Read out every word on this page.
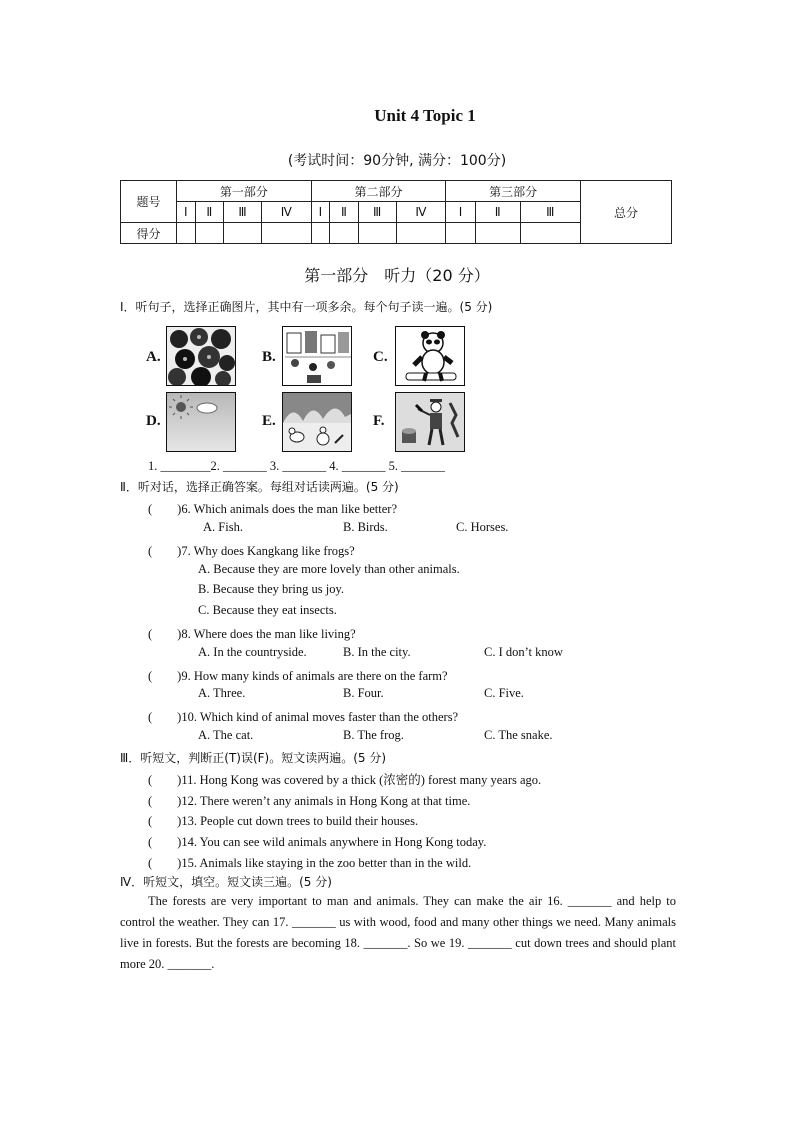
Unit 4 Topic 1
(考试时间：90分钟, 满分：100分)
题号	第一部分				第二部分				第三部分			总分
	Ⅰ	Ⅱ	Ⅲ	Ⅳ	Ⅰ	Ⅱ	Ⅲ	Ⅳ	Ⅰ	Ⅱ	Ⅲ	
得分												
第一部分　听力（20 分）
Ⅰ．听句子，选择正确图片，其中有一项多余。每个句子读一遍。(5 分)
A.	B.	C.
D.	E.	F.
1. ________2. _______ 3. _______ 4. _______ 5. _______
Ⅱ．听对话，选择正确答案。每组对话读两遍。(5 分)
(　　)6. Which animals does the man like better?
A. Fish.	B. Birds.	C. Horses.
(　　)7. Why does Kangkang like frogs?
A. Because they are more lovely than other animals.
B. Because they bring us joy.
C. Because they eat insects.
(　　)8. Where does the man like living?
A. In the countryside.	B. In the city.	C. I don’t know
(　　)9. How many kinds of animals are there on the farm?
A. Three.	B. Four.	C. Five.
(　　)10. Which kind of animal moves faster than the others?
A. The cat.	B. The frog.	C. The snake.
Ⅲ．听短文，判断正(T)误(F)。短文读两遍。(5 分)
(　　)11. Hong Kong was covered by a thick (浓密的) forest many years ago.
(　　)12. There weren’t any animals in Hong Kong at that time.
(　　)13. People cut down trees to build their houses.
(　　)14. You can see wild animals anywhere in Hong Kong today.
(　　)15. Animals like staying in the zoo better than in the wild.
Ⅳ．听短文，填空。短文读三遍。(5 分)
The forests are very important to man and animals. They can make the air 16. _______ and help to control the weather. They can 17. _______ us with wood, food and many other things we need. Many animals live in forests. But the forests are becoming 18. _______. So we 19. _______ cut down trees and should plant more 20. _______.
